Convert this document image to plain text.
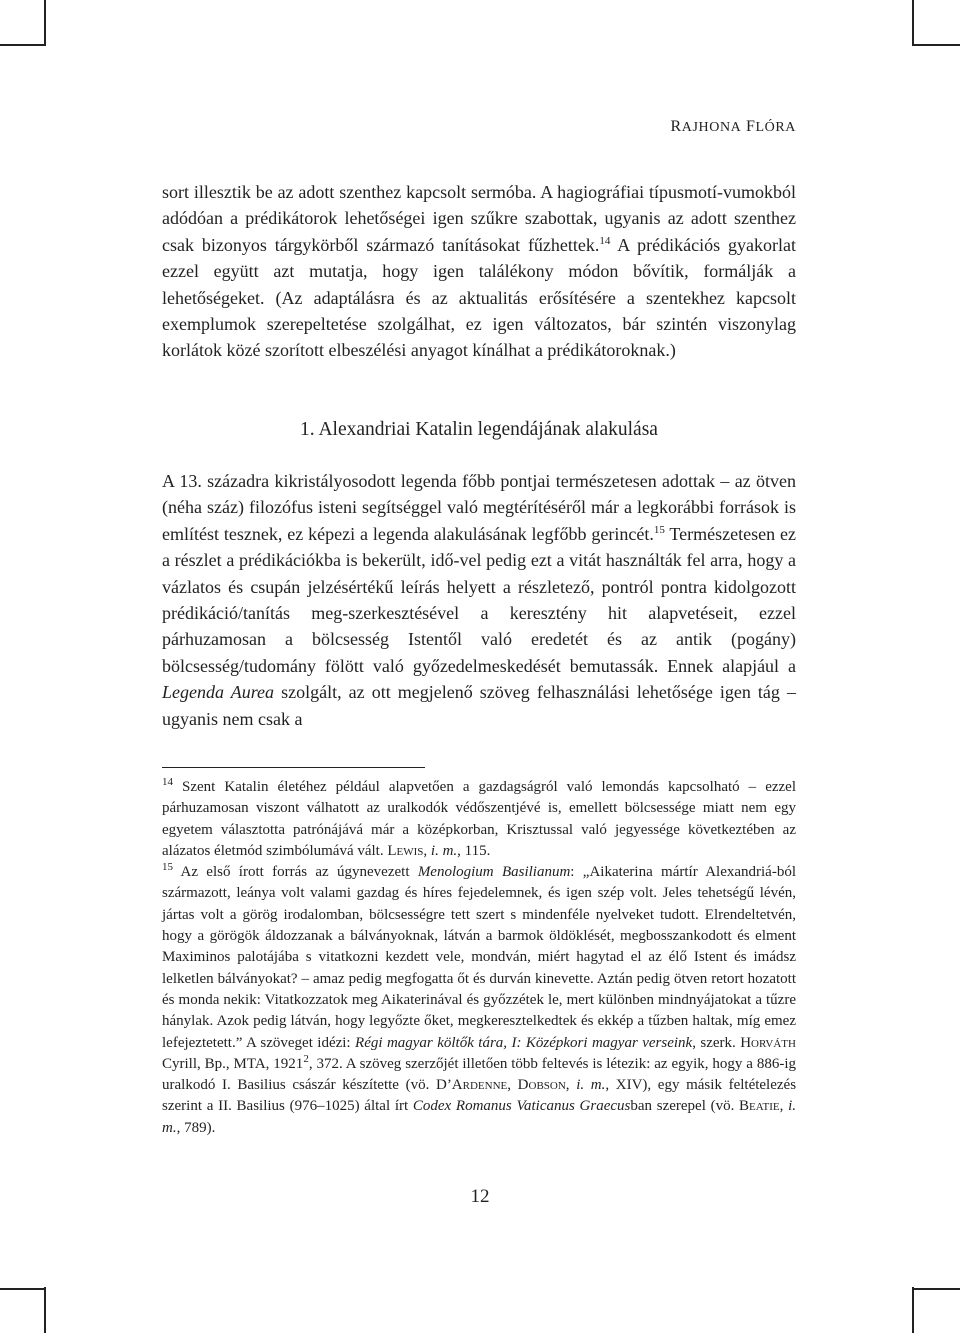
RAJHONA FLÓRA

sort illesztik be az adott szenthez kapcsolt sermóba. A hagiográfiai típusmotí-vumokból adódóan a prédikátorok lehetőségei igen szűkre szabottak, ugyanis az adott szenthez csak bizonyos tárgykörből származó tanításokat fűzhettek.$^{14}$ A prédikációs gyakorlat ezzel együtt azt mutatja, hogy igen találékony módon bővítik, formálják a lehetőségeket. (Az adaptálásra és az aktualitás erősítésére a szentekhez kapcsolt exemplumok szerepeltetése szolgálhat, ez igen változatos, bár szintén viszonylag korlátok közé szorított elbeszélési anyagot kínálhat a prédikátoroknak.)

1. Alexandriai Katalin legendájának alakulása

A 13. századra kikristályosodott legenda főbb pontjai természetesen adottak – az ötven (néha száz) filozófus isteni segítséggel való megtérítéséről már a legkorábbi források is említést tesznek, ez képezi a legenda alakulásának legfőbb gerincét.$^{15}$ Természetesen ez a részlet a prédikációkba is bekerült, idő-vel pedig ezt a vitát használták fel arra, hogy a vázlatos és csupán jelzésértékű leírás helyett a részletező, pontról pontra kidolgozott prédikáció/tanítás meg-szerkesztésével a keresztény hit alapvetéseit, ezzel párhuzamosan a bölcsesség Istentől való eredetét és az antik (pogány) bölcsesség/tudomány fölött való győzedelmeskedését bemutassák. Ennek alapjául a Legenda Aurea szolgált, az ott megjelenő szöveg felhasználási lehetősége igen tág – ugyanis nem csak a

$^{14}$ Szent Katalin életéhez például alapvetően a gazdagságról való lemondás kapcsolható – ezzel párhuzamosan viszont válhatott az uralkodók védőszentjévé is, emellett bölcsessége miatt nem egy egyetem választotta patrónájává már a középkorban, Krisztussal való jegyessége következtében az alázatos életmód szimbólumává vált. Lewis, i. m., 115.

$^{15}$ Az első írott forrás az úgynevezett Menologium Basilianum: „Aikaterina mártír Alexandriá-ból származott, leánya volt valami gazdag és híres fejedelemnek, és igen szép volt. Jeles tehetségű lévén, jártas volt a görög irodalomban, bölcsességre tett szert s mindenféle nyelveket tudott. Elrendeltetvén, hogy a görögök áldozzanak a bálványoknak, látván a barmok öldöklését, megbosszankodott és elment Maximinos palotájába s vitatkozni kezdett vele, mondván, miért hagytad el az élő Istent és imádsz lelketlen bálványokat? – amaz pedig megfogatta őt és durván kinevette. Aztán pedig ötven retort hozatott és monda nekik: Vitatkozzatok meg Aikaterinával és győzzétek le, mert különben mindnyájatokat a tűzre hánylak. Azok pedig látván, hogy legyőzte őket, megkeresztelkedtek és ekkép a tűzben haltak, míg emez lefejeztetett.” A szöveget idézi: Régi magyar költők tára, I: Középkori magyar verseink, szerk. Horváth Cyrill, Bp., MTA, 1921$^2$, 372. A szöveg szerzőjét illetően több feltevés is létezik: az egyik, hogy a 886-ig uralkodó I. Basilius császár készítette (vö. D’Ardenne, Dobson, i. m., XIV), egy másik feltételezés szerint a II. Basilius (976–1025) által írt Codex Romanus Vaticanus Graecusban szerepel (vö. Beatie, i. m., 789).

12
